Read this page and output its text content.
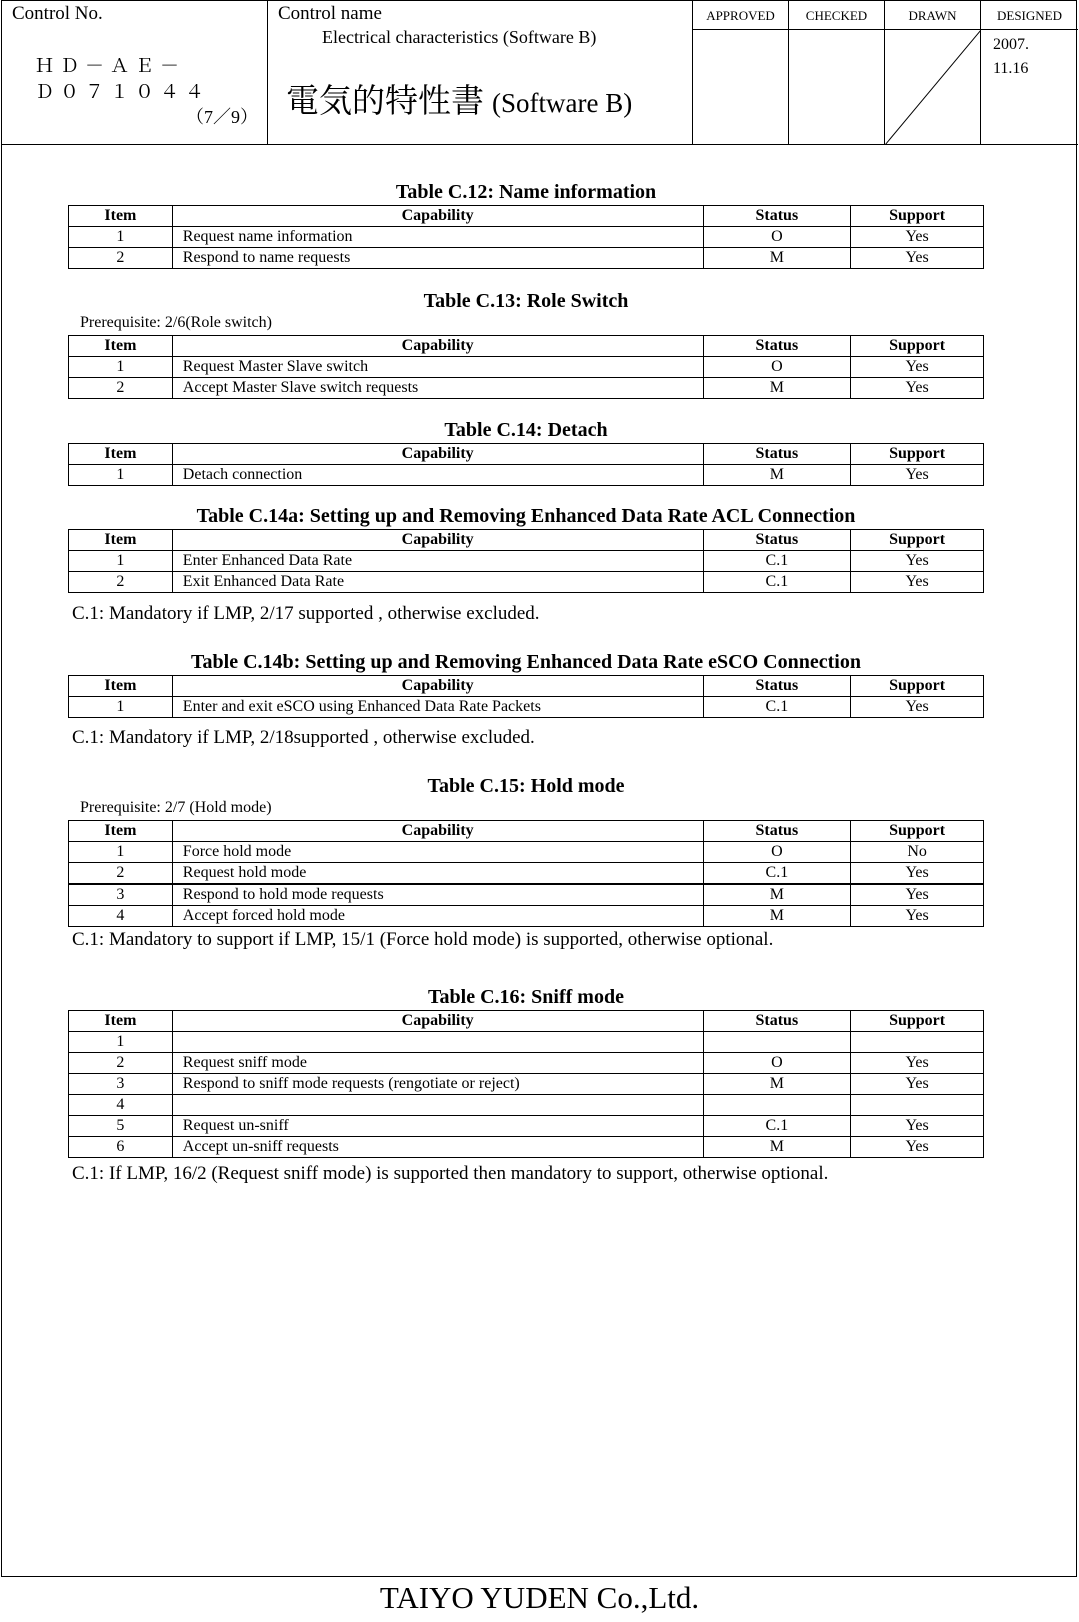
Control No.
ＨＤ－ＡＥ－
Ｄ０７１０４４
（7／9）
Control name
Electrical characteristics (Software B)
電気的特性書 (Software B)
APPROVED	CHECKED	DRAWN	DESIGNED
2007.
11.16
Table C.12: Name information
Item	Capability	Status	Support
1	Request name information	O	Yes
2	Respond to name requests	M	Yes
Table C.13: Role Switch
Prerequisite: 2/6(Role switch)
Item	Capability	Status	Support
1	Request Master Slave switch	O	Yes
2	Accept Master Slave switch requests	M	Yes
Table C.14: Detach
Item	Capability	Status	Support
1	Detach connection	M	Yes
Table C.14a: Setting up and Removing Enhanced Data Rate ACL Connection
Item	Capability	Status	Support
1	Enter Enhanced Data Rate	C.1	Yes
2	Exit Enhanced Data Rate	C.1	Yes
C.1: Mandatory if LMP, 2/17 supported , otherwise excluded.
Table C.14b: Setting up and Removing Enhanced Data Rate eSCO Connection
Item	Capability	Status	Support
1	Enter and exit eSCO using Enhanced Data Rate Packets	C.1	Yes
C.1: Mandatory if LMP, 2/18supported , otherwise excluded.
Table C.15: Hold mode
Prerequisite: 2/7 (Hold mode)
Item	Capability	Status	Support
1	Force hold mode	O	No
2	Request hold mode	C.1	Yes
3	Respond to hold mode requests	M	Yes
4	Accept forced hold mode	M	Yes
C.1: Mandatory to support if LMP, 15/1 (Force hold mode) is supported, otherwise optional.
Table C.16: Sniff mode
Item	Capability	Status	Support
1			
2	Request sniff mode	O	Yes
3	Respond to sniff mode requests (rengotiate or reject)	M	Yes
4			
5	Request un-sniff	C.1	Yes
6	Accept un-sniff requests	M	Yes
C.1: If LMP, 16/2 (Request sniff mode) is supported then mandatory to support, otherwise optional.
TAIYO YUDEN Co.,Ltd.
